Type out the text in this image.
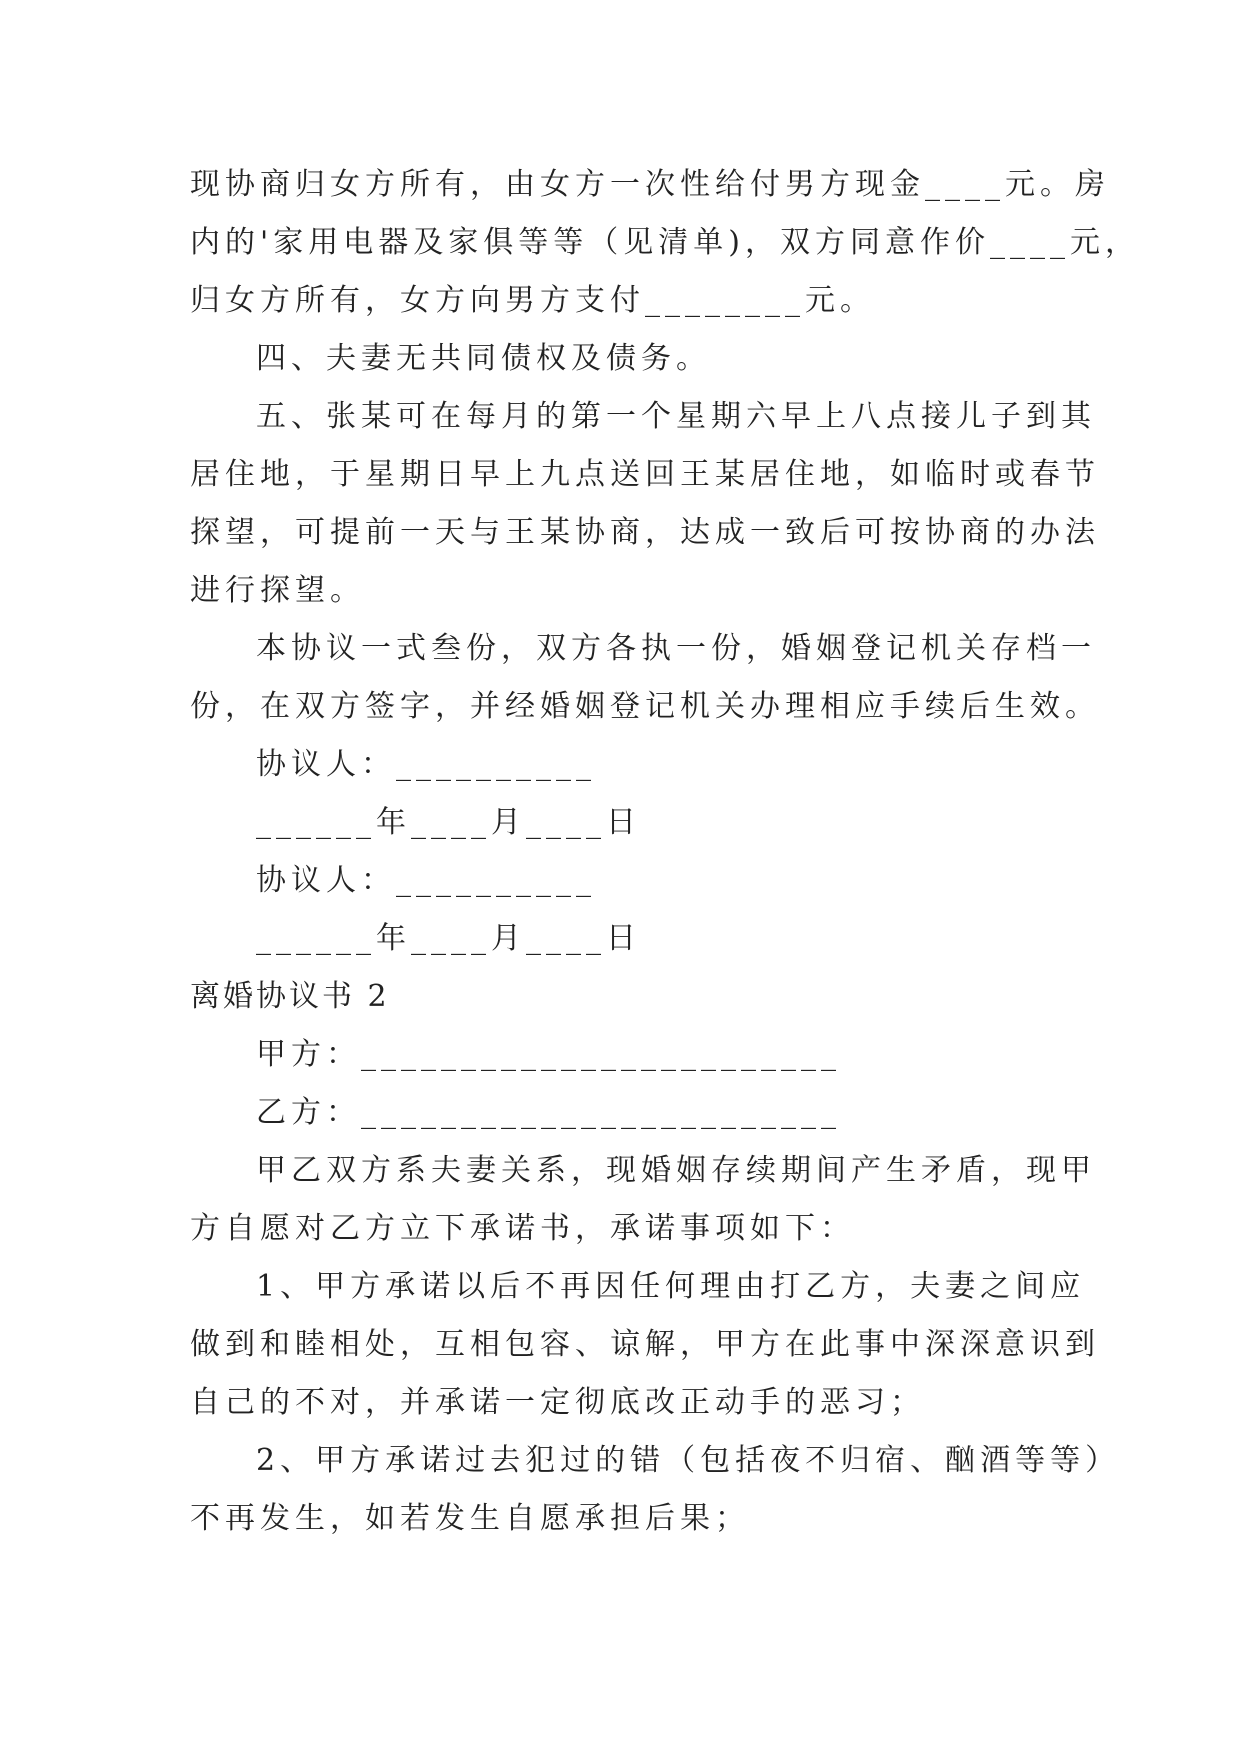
现协商归女方所有，由女方一次性给付男方现金____元。房
内的'家用电器及家俱等等（见清单)，双方同意作价____元，
归女方所有，女方向男方支付________元。
四、夫妻无共同债权及债务。
五、张某可在每月的第一个星期六早上八点接儿子到其
居住地，于星期日早上九点送回王某居住地，如临时或春节
探望，可提前一天与王某协商，达成一致后可按协商的办法
进行探望。
本协议一式叁份，双方各执一份，婚姻登记机关存档一
份，在双方签字，并经婚姻登记机关办理相应手续后生效。
协议人：__________
______年____月____日
协议人：__________
______年____月____日
离婚协议书 2
甲方：________________________
乙方：________________________
甲乙双方系夫妻关系，现婚姻存续期间产生矛盾，现甲
方自愿对乙方立下承诺书，承诺事项如下：
1、甲方承诺以后不再因任何理由打乙方，夫妻之间应
做到和睦相处，互相包容、谅解，甲方在此事中深深意识到
自己的不对，并承诺一定彻底改正动手的恶习；
2、甲方承诺过去犯过的错（包括夜不归宿、酗酒等等）
不再发生，如若发生自愿承担后果；
